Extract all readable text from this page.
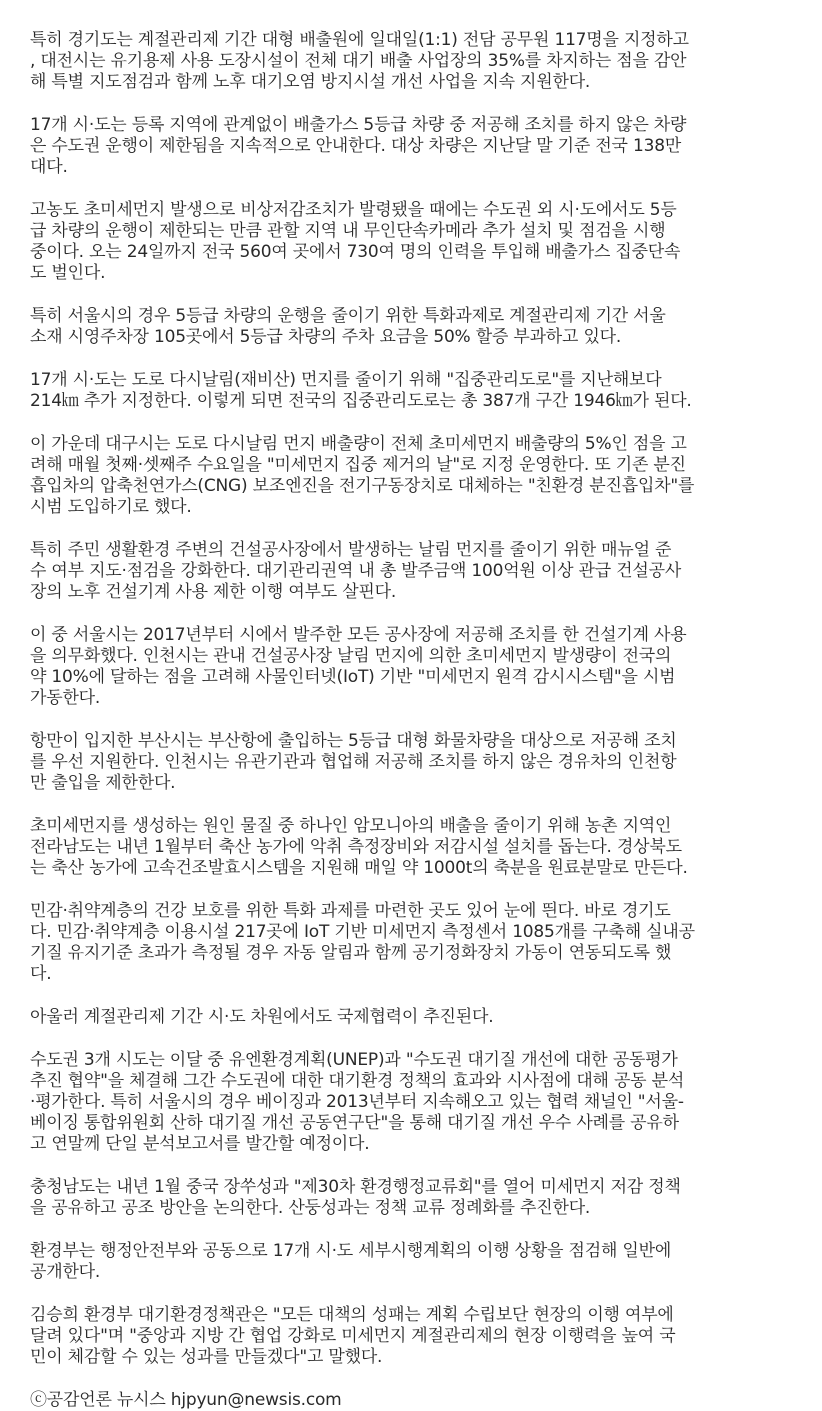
특히 경기도는 계절관리제 기간 대형 배출원에 일대일(1:1) 전담 공무원 117명을 지정하고
, 대전시는 유기용제 사용 도장시설이 전체 대기 배출 사업장의 35%를 차지하는 점을 감안
해 특별 지도점검과 함께 노후 대기오염 방지시설 개선 사업을 지속 지원한다.

17개 시·도는 등록 지역에 관계없이 배출가스 5등급 차량 중 저공해 조치를 하지 않은 차량
은 수도권 운행이 제한됨을 지속적으로 안내한다. 대상 차량은 지난달 말 기준 전국 138만
대다.

고농도 초미세먼지 발생으로 비상저감조치가 발령됐을 때에는 수도권 외 시·도에서도 5등
급 차량의 운행이 제한되는 만큼 관할 지역 내 무인단속카메라 추가 설치 및 점검을 시행
중이다. 오는 24일까지 전국 560여 곳에서 730여 명의 인력을 투입해 배출가스 집중단속
도 벌인다.

특히 서울시의 경우 5등급 차량의 운행을 줄이기 위한 특화과제로 계절관리제 기간 서울
소재 시영주차장 105곳에서 5등급 차량의 주차 요금을 50% 할증 부과하고 있다.

17개 시·도는 도로 다시날림(재비산) 먼지를 줄이기 위해 "집중관리도로"를 지난해보다
214㎞ 추가 지정한다. 이렇게 되면 전국의 집중관리도로는 총 387개 구간 1946㎞가 된다.

이 가운데 대구시는 도로 다시날림 먼지 배출량이 전체 초미세먼지 배출량의 5%인 점을 고
려해 매월 첫째·셋째주 수요일을 "미세먼지 집중 제거의 날"로 지정 운영한다. 또 기존 분진
흡입차의 압축천연가스(CNG) 보조엔진을 전기구동장치로 대체하는 "친환경 분진흡입차"를
시범 도입하기로 했다.

특히 주민 생활환경 주변의 건설공사장에서 발생하는 날림 먼지를 줄이기 위한 매뉴얼 준
수 여부 지도·점검을 강화한다. 대기관리권역 내 총 발주금액 100억원 이상 관급 건설공사
장의 노후 건설기계 사용 제한 이행 여부도 살핀다.

이 중 서울시는 2017년부터 시에서 발주한 모든 공사장에 저공해 조치를 한 건설기계 사용
을 의무화했다. 인천시는 관내 건설공사장 날림 먼지에 의한 초미세먼지 발생량이 전국의
약 10%에 달하는 점을 고려해 사물인터넷(IoT) 기반 "미세먼지 원격 감시시스템"을 시범
가동한다.

항만이 입지한 부산시는 부산항에 출입하는 5등급 대형 화물차량을 대상으로 저공해 조치
를 우선 지원한다. 인천시는 유관기관과 협업해 저공해 조치를 하지 않은 경유차의 인천항
만 출입을 제한한다.

초미세먼지를 생성하는 원인 물질 중 하나인 암모니아의 배출을 줄이기 위해 농촌 지역인
전라남도는 내년 1월부터 축산 농가에 악취 측정장비와 저감시설 설치를 돕는다. 경상북도
는 축산 농가에 고속건조발효시스템을 지원해 매일 약 1000t의 축분을 원료분말로 만든다.

민감·취약계층의 건강 보호를 위한 특화 과제를 마련한 곳도 있어 눈에 띈다. 바로 경기도
다. 민감·취약계층 이용시설 217곳에 IoT 기반 미세먼지 측정센서 1085개를 구축해 실내공
기질 유지기준 초과가 측정될 경우 자동 알림과 함께 공기정화장치 가동이 연동되도록 했
다.

아울러 계절관리제 기간 시·도 차원에서도 국제협력이 추진된다.

수도권 3개 시도는 이달 중 유엔환경계획(UNEP)과 "수도권 대기질 개선에 대한 공동평가
추진 협약"을 체결해 그간 수도권에 대한 대기환경 정책의 효과와 시사점에 대해 공동 분석
·평가한다. 특히 서울시의 경우 베이징과 2013년부터 지속해오고 있는 협력 채널인 "서울-
베이징 통합위원회 산하 대기질 개선 공동연구단"을 통해 대기질 개선 우수 사례를 공유하
고 연말께 단일 분석보고서를 발간할 예정이다.

충청남도는 내년 1월 중국 장쑤성과 "제30차 환경행정교류회"를 열어 미세먼지 저감 정책
을 공유하고 공조 방안을 논의한다. 산둥성과는 정책 교류 정례화를 추진한다.

환경부는 행정안전부와 공동으로 17개 시·도 세부시행계획의 이행 상황을 점검해 일반에
공개한다.

김승희 환경부 대기환경정책관은 "모든 대책의 성패는 계획 수립보단 현장의 이행 여부에
달려 있다"며 "중앙과 지방 간 협업 강화로 미세먼지 계절관리제의 현장 이행력을 높여 국
민이 체감할 수 있는 성과를 만들겠다"고 말했다.

ⓒ공감언론 뉴시스 hjpyun@newsis.com
